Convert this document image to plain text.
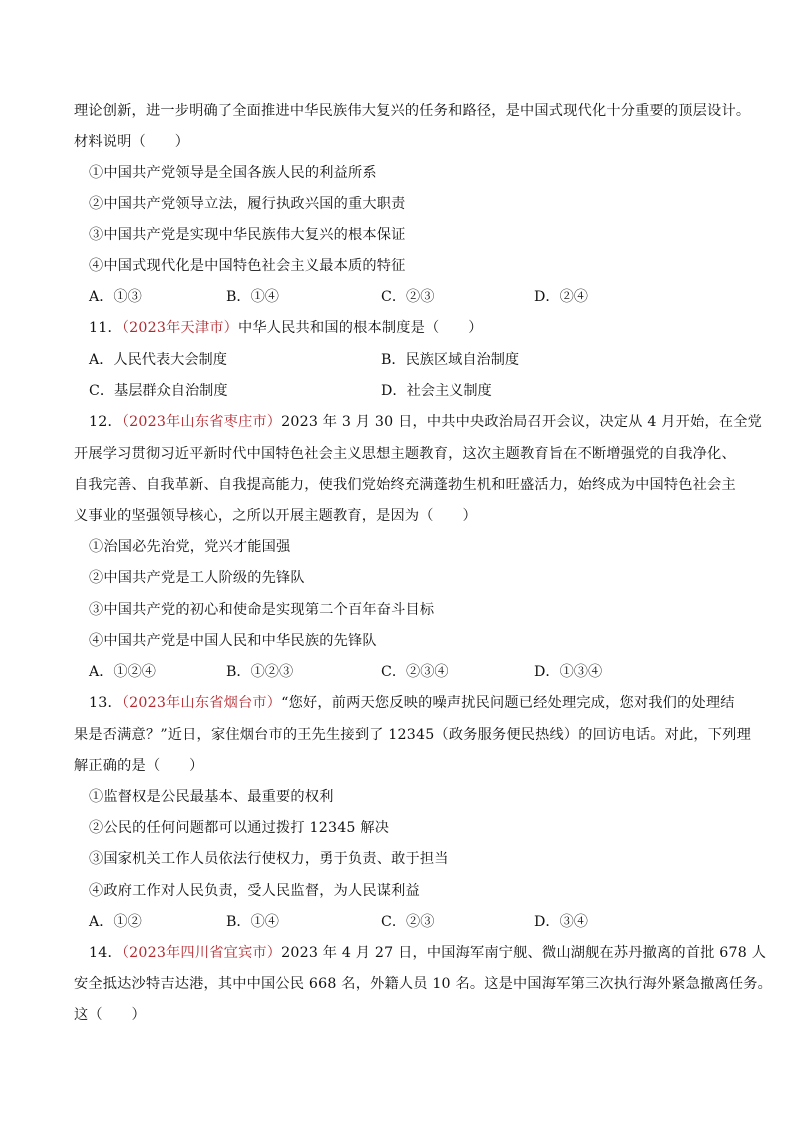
理论创新，进一步明确了全面推进中华民族伟大复兴的任务和路径，是中国式现代化十分重要的顶层设计。
材料说明（　　）
①中国共产党领导是全国各族人民的利益所系
②中国共产党领导立法，履行执政兴国的重大职责
③中国共产党是实现中华民族伟大复兴的根本保证
④中国式现代化是中国特色社会主义最本质的特征
A．①③	B．①④	C．②③	D．②④
11．（2023年天津市）中华人民共和国的根本制度是（　　）
A．人民代表大会制度	B．民族区域自治制度
C．基层群众自治制度	D．社会主义制度
12．（2023年山东省枣庄市）2023 年 3 月 30 日，中共中央政治局召开会议，决定从 4 月开始，在全党
开展学习贯彻习近平新时代中国特色社会主义思想主题教育，这次主题教育旨在不断增强党的自我净化、
自我完善、自我革新、自我提高能力，使我们党始终充满蓬勃生机和旺盛活力，始终成为中国特色社会主
义事业的坚强领导核心，之所以开展主题教育，是因为（　　）
①治国必先治党，党兴才能国强
②中国共产党是工人阶级的先锋队
③中国共产党的初心和使命是实现第二个百年奋斗目标
④中国共产党是中国人民和中华民族的先锋队
A．①②④	B．①②③	C．②③④	D．①③④
13．（2023年山东省烟台市）“您好，前两天您反映的噪声扰民问题已经处理完成，您对我们的处理结
果是否满意？”近日，家住烟台市的王先生接到了 12345（政务服务便民热线）的回访电话。对此，下列理
解正确的是（　　）
①监督权是公民最基本、最重要的权利
②公民的任何问题都可以通过拨打 12345 解决
③国家机关工作人员依法行使权力，勇于负责、敢于担当
④政府工作对人民负责，受人民监督，为人民谋利益
A．①②	B．①④	C．②③	D．③④
14．（2023年四川省宜宾市）2023 年 4 月 27 日，中国海军南宁舰、微山湖舰在苏丹撤离的首批 678 人
安全抵达沙特吉达港，其中中国公民 668 名，外籍人员 10 名。这是中国海军第三次执行海外紧急撤离任务。
这（　　）
